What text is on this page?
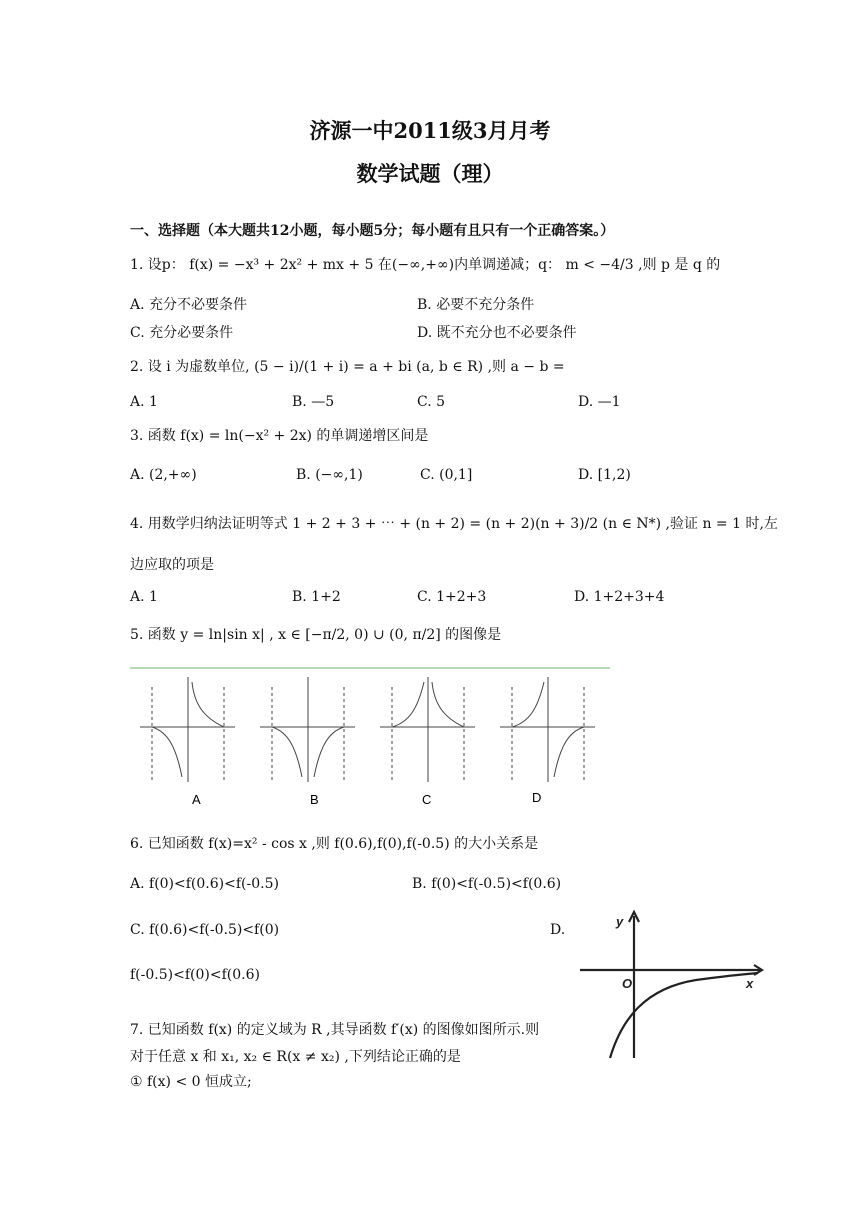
济源一中2011级3月月考
数学试题（理）
一、选择题（本大题共12小题，每小题5分；每小题有且只有一个正确答案。）
1. 设p： f(x) = −x³ + 2x² + mx + 5 在(−∞,+∞)内单调递减；q： m < −4/3 ,则 p 是 q 的
A. 充分不必要条件	B. 必要不充分条件
C. 充分必要条件	D. 既不充分也不必要条件
2. 设 i 为虚数单位, (5 − i)/(1 + i) = a + bi (a, b ∈ R) ,则 a − b =
A. 1	B. —5	C. 5	D. —1
3. 函数 f(x) = ln(−x² + 2x) 的单调递增区间是
A. (2,+∞)	B. (−∞,1)	C. (0,1]	D. [1,2)
4. 用数学归纳法证明等式 1 + 2 + 3 + ⋯ + (n + 2) = (n + 2)(n + 3)/2 (n ∈ N*) ,验证 n = 1 时,左
边应取的项是
A. 1	B. 1+2	C. 1+2+3	D. 1+2+3+4
5. 函数 y = ln|sin x| , x ∈ [−π/2, 0) ∪ (0, π/2] 的图像是
A	B	C	D
6. 已知函数 f(x)=x² - cos x ,则 f(0.6),f(0),f(-0.5) 的大小关系是
A. f(0)<f(0.6)<f(-0.5)	B. f(0)<f(-0.5)<f(0.6)
C. f(0.6)<f(-0.5)<f(0)	D.
f(-0.5)<f(0)<f(0.6)
y
x
O
7. 已知函数 f(x) 的定义域为 R ,其导函数 f′(x) 的图像如图所示.则
对于任意 x 和 x₁, x₂ ∈ R(x ≠ x₂) ,下列结论正确的是
① f(x) < 0 恒成立;
